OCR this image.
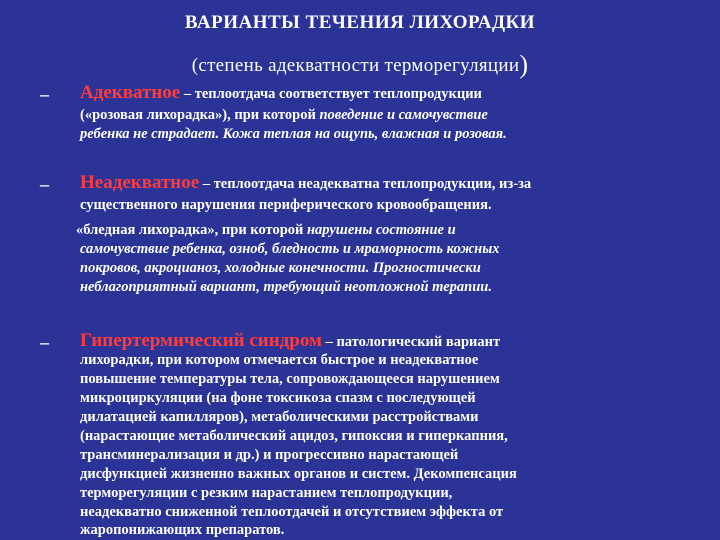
ВАРИАНТЫ ТЕЧЕНИЯ ЛИХОРАДКИ
(степень адекватности терморегуляции)
– Адекватное – теплоотдача соответствует теплопродукции
(«розовая лихорадка»), при которой поведение и самочувствие
ребенка не страдает. Кожа теплая на ощупь, влажная и розовая.
– Неадекватное – теплоотдача неадекватна теплопродукции, из-за
существенного нарушения периферического кровообращения.
«бледная лихорадка», при которой нарушены состояние и
самочувствие ребенка, озноб, бледность и мраморность кожных
покровов, акроцианоз, холодные конечности. Прогностически
неблагоприятный вариант, требующий неотложной терапии.
– Гипертермический синдром – патологический вариант
лихорадки, при котором отмечается быстрое и неадекватное
повышение температуры тела, сопровождающееся нарушением
микроциркуляции (на фоне токсикоза спазм с последующей
дилатацией капилляров), метаболическими расстройствами
(нарастающие метаболический ацидоз, гипоксия и гиперкапния,
трансминерализация и др.) и прогрессивно нарастающей
дисфункцией жизненно важных органов и систем. Декомпенсация
терморегуляции с резким нарастанием теплопродукции,
неадекватно сниженной теплоотдачей и отсутствием эффекта от
жаропонижающих препаратов.
